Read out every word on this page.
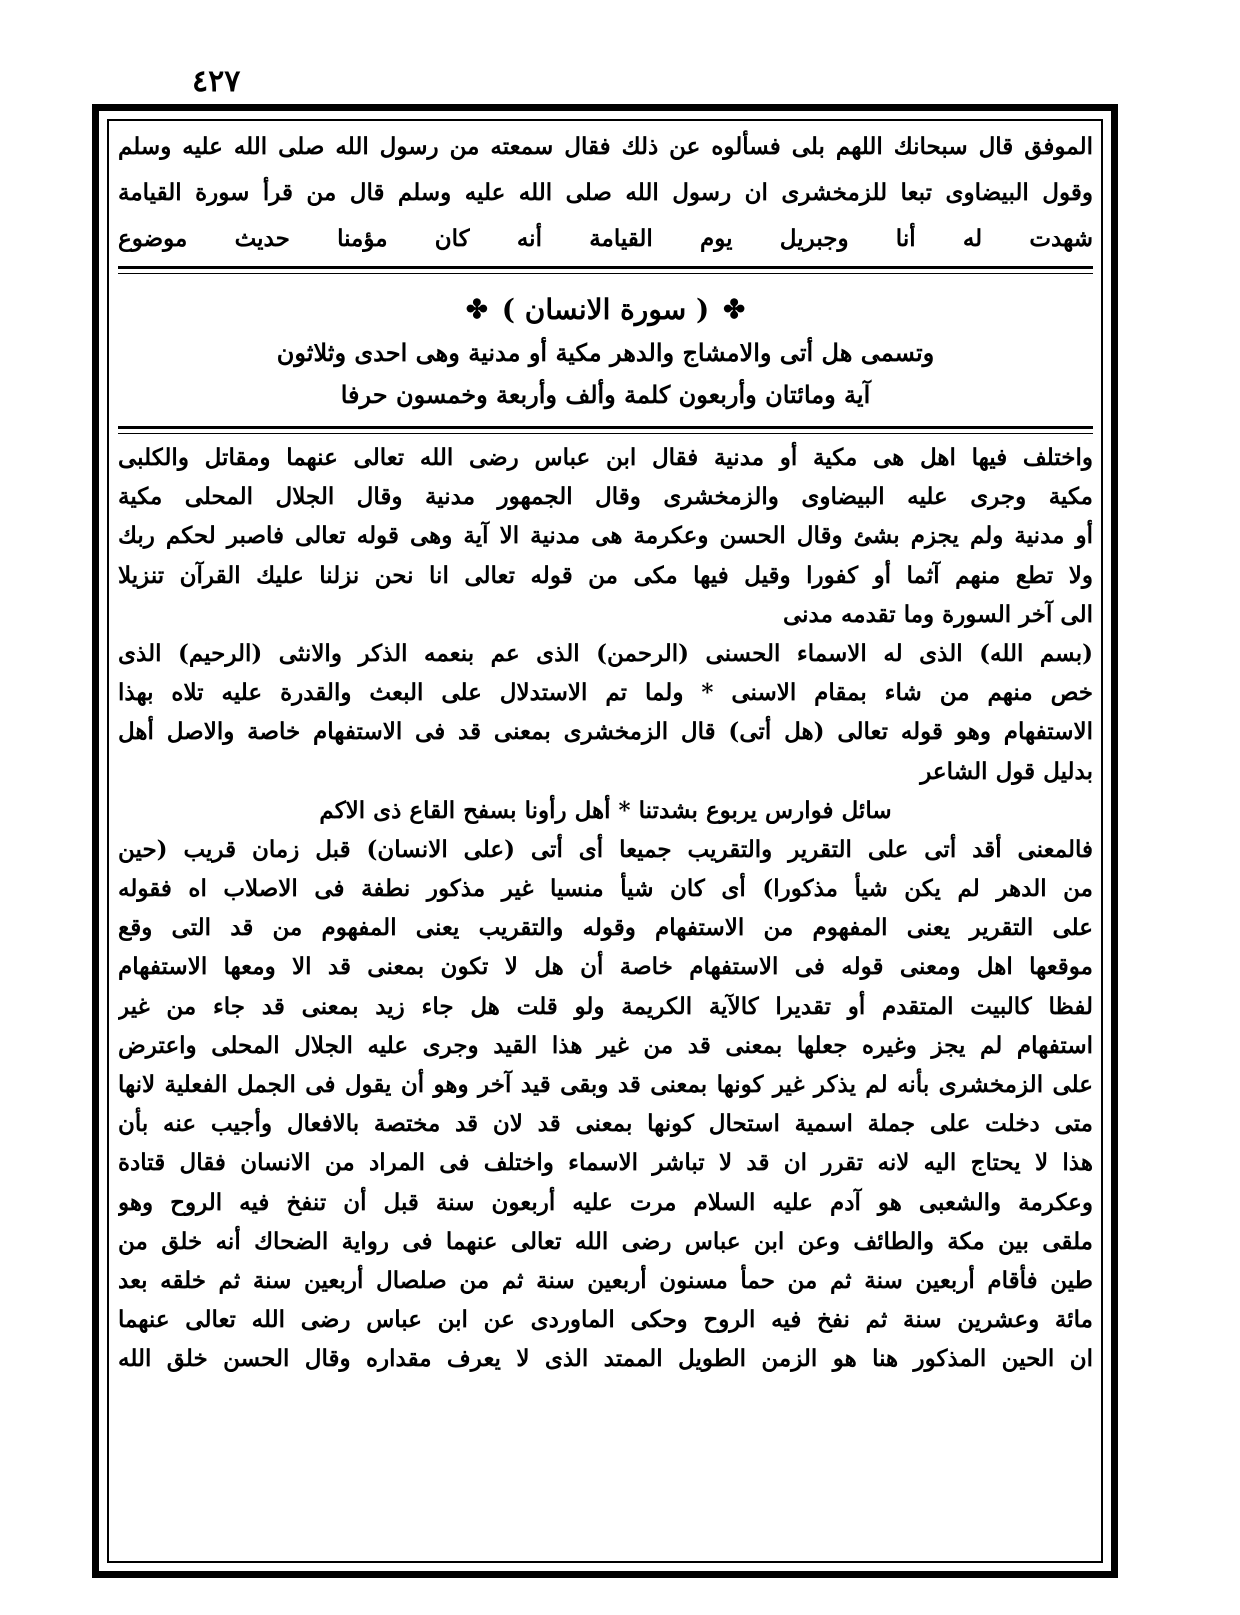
٤٢٧
الموفق قال سبحانك اللهم بلى فسألوه عن ذلك فقال سمعته من رسول الله صلى الله عليه وسلم
وقول البيضاوى تبعا للزمخشرى ان رسول الله صلى الله عليه وسلم قال من قرأ سورة القيامة
شهدت له أنا وجبريل يوم القيامة أنه كان مؤمنا حديث موضوع
✤
( سورة الانسان )
✤
وتسمى هل أتى والامشاج والدهر مكية أو مدنية وهى احدى وثلاثون
آية ومائتان وأربعون كلمة وألف وأربعة وخمسون حرفا
واختلف فيها اهل هى مكية أو مدنية فقال ابن عباس رضى الله تعالى عنهما ومقاتل والكلبى
مكية وجرى عليه البيضاوى والزمخشرى وقال الجمهور مدنية وقال الجلال المحلى مكية
أو مدنية ولم يجزم بشئ وقال الحسن وعكرمة هى مدنية الا آية وهى قوله تعالى فاصبر لحكم ربك
ولا تطع منهم آثما أو كفورا وقيل فيها مكى من قوله تعالى انا نحن نزلنا عليك القرآن تنزيلا
الى آخر السورة وما تقدمه مدنى
(بسم الله) الذى له الاسماء الحسنى (الرحمن) الذى عم بنعمه الذكر والانثى (الرحيم) الذى
خص منهم من شاء بمقام الاسنى * ولما تم الاستدلال على البعث والقدرة عليه تلاه بهذا
الاستفهام وهو قوله تعالى (هل أتى) قال الزمخشرى بمعنى قد فى الاستفهام خاصة والاصل أهل
بدليل قول الشاعر
سائل فوارس يربوع بشدتنا * أهل رأونا بسفح القاع ذى الاكم
فالمعنى أقد أتى على التقرير والتقريب جميعا أى أتى (على الانسان) قبل زمان قريب (حين
من الدهر لم يكن شيأ مذكورا) أى كان شيأ منسيا غير مذكور نطفة فى الاصلاب اه فقوله
على التقرير يعنى المفهوم من الاستفهام وقوله والتقريب يعنى المفهوم من قد التى وقع
موقعها اهل ومعنى قوله فى الاستفهام خاصة أن هل لا تكون بمعنى قد الا ومعها الاستفهام
لفظا كالبيت المتقدم أو تقديرا كالآية الكريمة ولو قلت هل جاء زيد بمعنى قد جاء من غير
استفهام لم يجز وغيره جعلها بمعنى قد من غير هذا القيد وجرى عليه الجلال المحلى واعترض
على الزمخشرى بأنه لم يذكر غير كونها بمعنى قد وبقى قيد آخر وهو أن يقول فى الجمل الفعلية لانها
متى دخلت على جملة اسمية استحال كونها بمعنى قد لان قد مختصة بالافعال وأجيب عنه بأن
هذا لا يحتاج اليه لانه تقرر ان قد لا تباشر الاسماء واختلف فى المراد من الانسان فقال قتادة
وعكرمة والشعبى هو آدم عليه السلام مرت عليه أربعون سنة قبل أن تنفخ فيه الروح وهو
ملقى بين مكة والطائف وعن ابن عباس رضى الله تعالى عنهما فى رواية الضحاك أنه خلق من
طين فأقام أربعين سنة ثم من حمأ مسنون أربعين سنة ثم من صلصال أربعين سنة ثم خلقه بعد
مائة وعشرين سنة ثم نفخ فيه الروح وحكى الماوردى عن ابن عباس رضى الله تعالى عنهما
ان الحين المذكور هنا هو الزمن الطويل الممتد الذى لا يعرف مقداره وقال الحسن خلق الله
